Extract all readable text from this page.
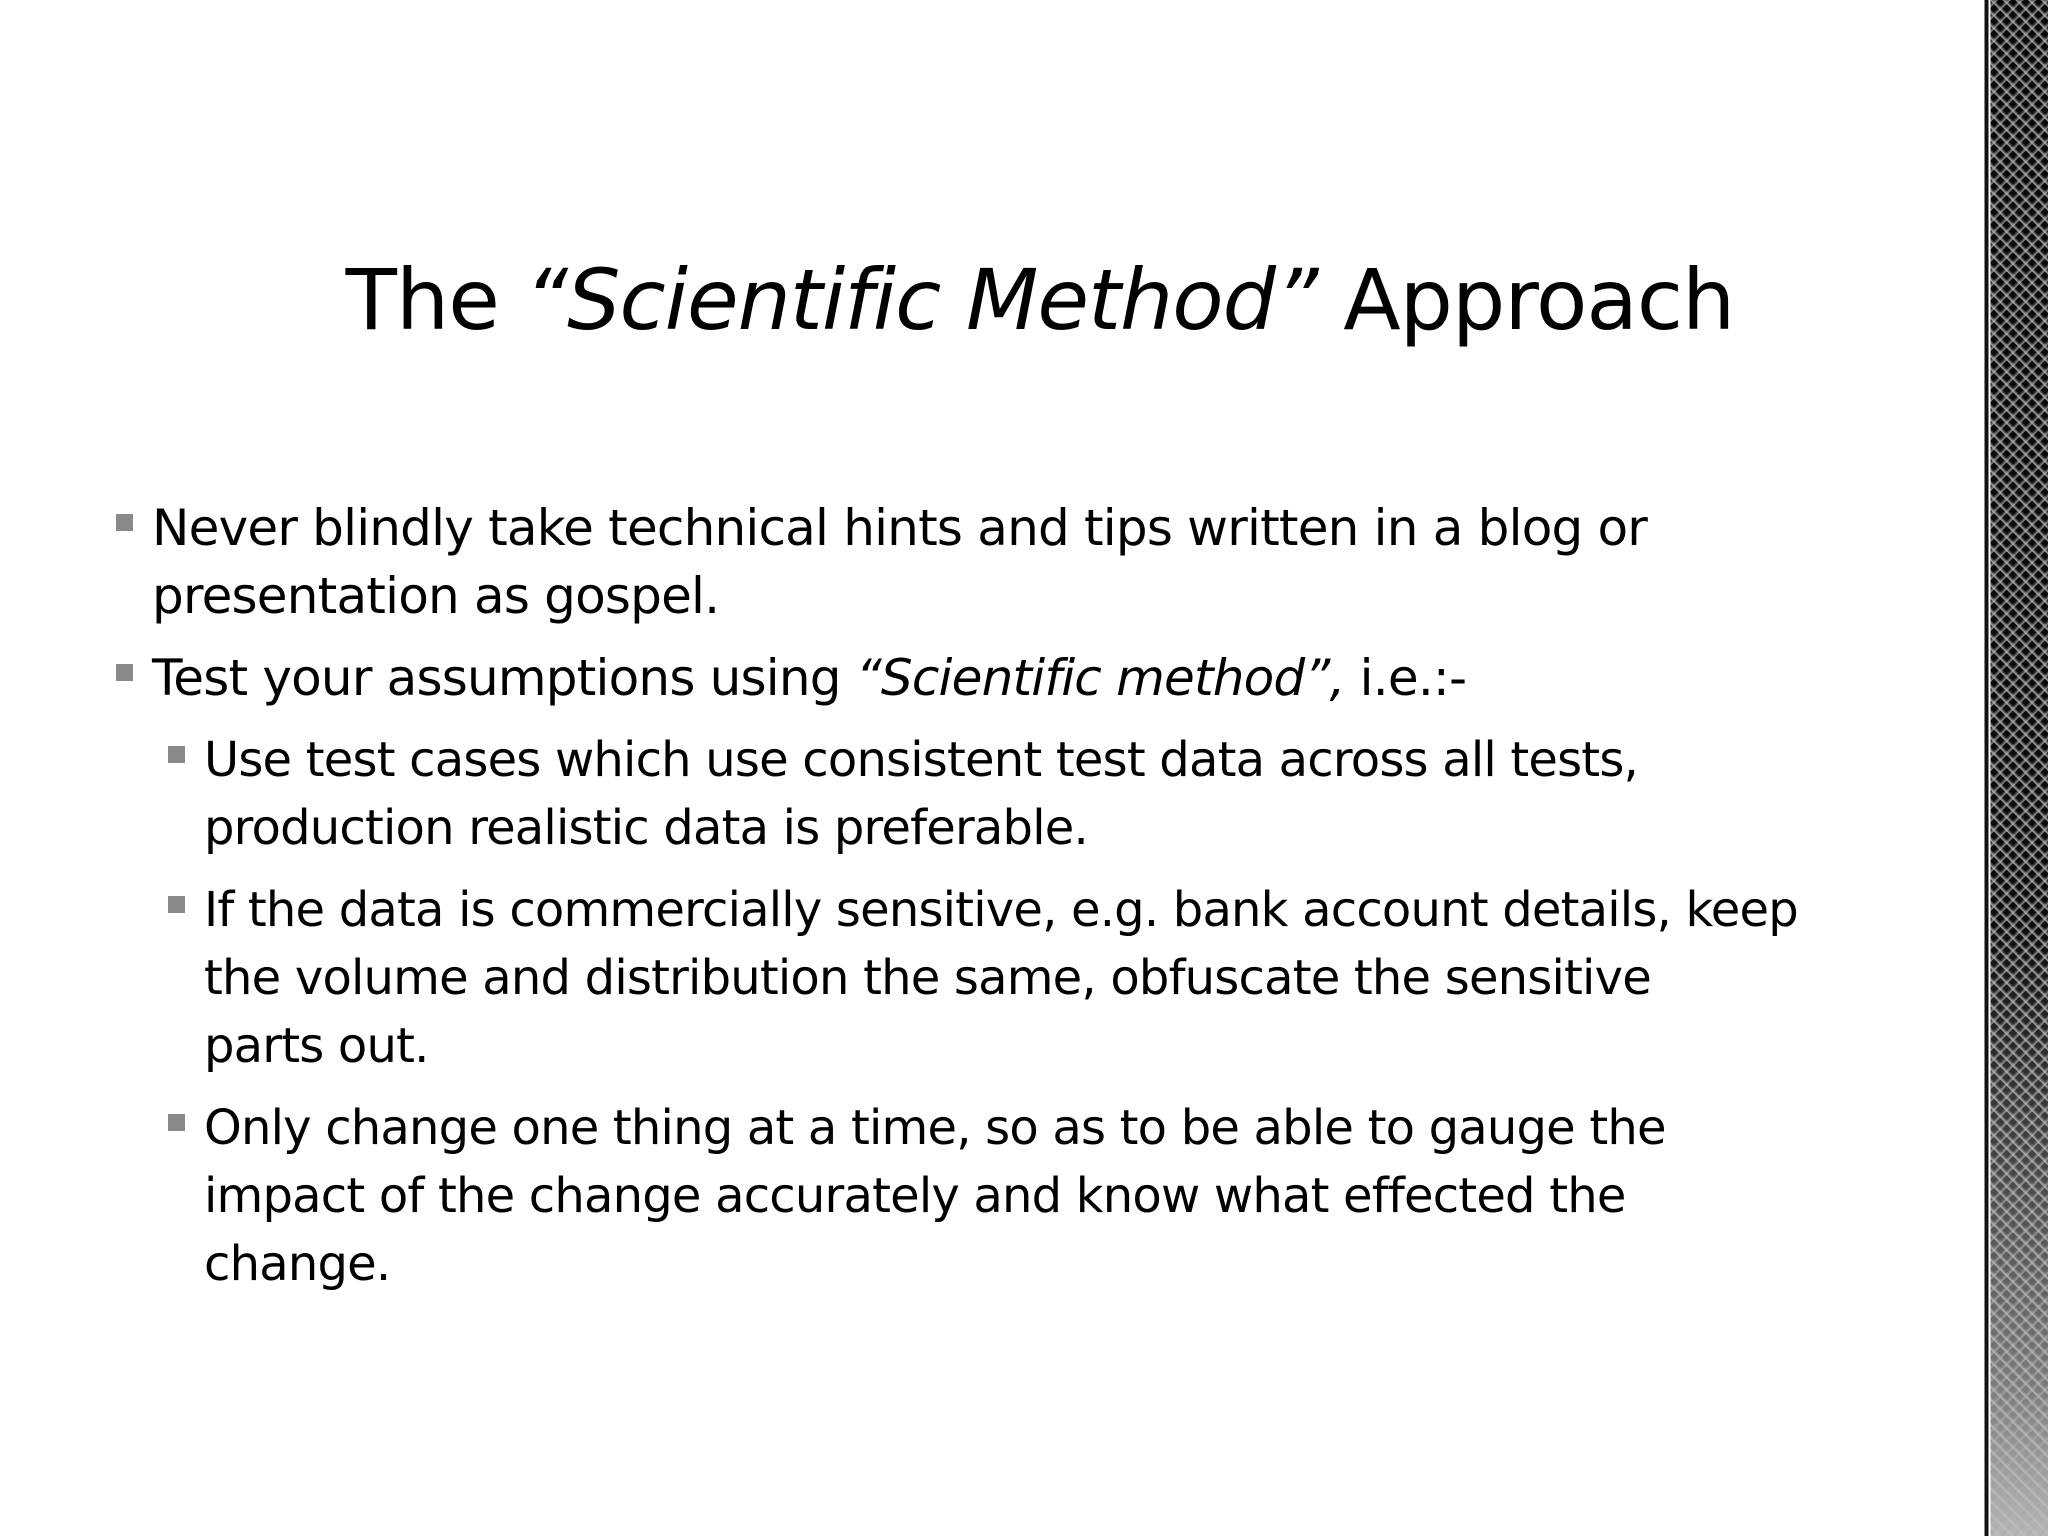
The “Scientific Method” Approach
Never blindly take technical hints and tips written in a blog or
presentation as gospel.
Test your assumptions using “Scientific method”, i.e.:-
Use test cases which use consistent test data across all tests,
production realistic data is preferable.
If the data is commercially sensitive, e.g. bank account details, keep
the volume and distribution the same, obfuscate the sensitive
parts out.
Only change one thing at a time, so as to be able to gauge the
impact of the change accurately and know what effected the
change.
